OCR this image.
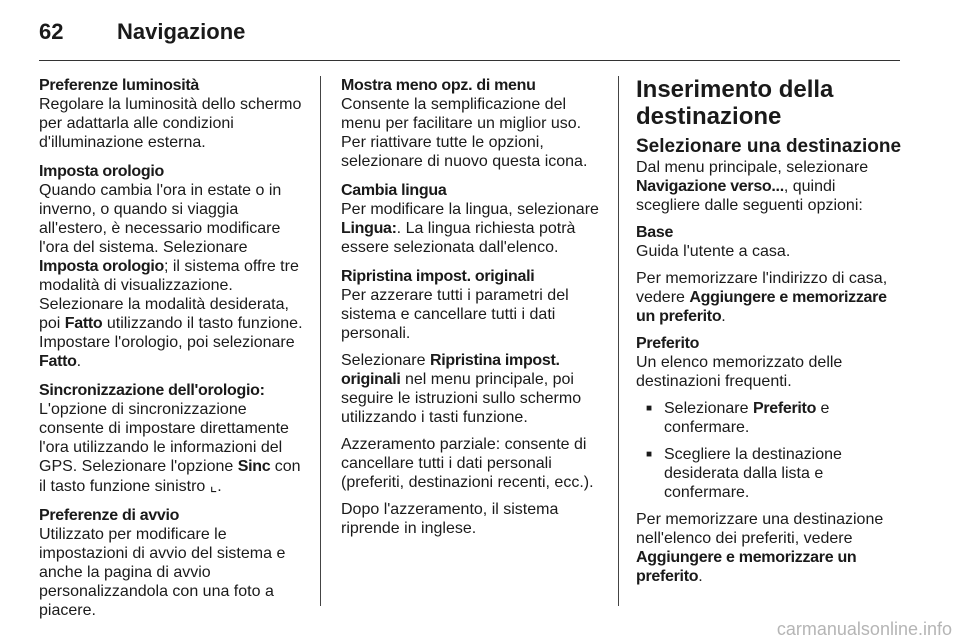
62	Navigazione
Preferenze luminosità

Regolare la luminosità dello schermo per adattarla alle condizioni d'illuminazione esterna.

Imposta orologio

Quando cambia l'ora in estate o in inverno, o quando si viaggia all'estero, è necessario modificare l'ora del sistema. Selezionare Imposta orologio; il sistema offre tre modalità di visualizzazione. Selezionare la modalità desiderata, poi Fatto utilizzando il tasto funzione. Impostare l'orologio, poi selezionare Fatto.

Sincronizzazione dell'orologio: L'opzione di sincronizzazione consente di impostare direttamente l'ora utilizzando le informazioni del GPS. Selezionare l'opzione Sinc con il tasto funzione sinistro ⌞.

Preferenze di avvio

Utilizzato per modificare le impostazioni di avvio del sistema e anche la pagina di avvio personalizzandola con una foto a piacere.

Mostra meno opz. di menu

Consente la semplificazione del menu per facilitare un miglior uso. Per riattivare tutte le opzioni, selezionare di nuovo questa icona.

Cambia lingua

Per modificare la lingua, selezionare Lingua:. La lingua richiesta potrà essere selezionata dall'elenco.

Ripristina impost. originali

Per azzerare tutti i parametri del sistema e cancellare tutti i dati personali.

Selezionare Ripristina impost. originali nel menu principale, poi seguire le istruzioni sullo schermo utilizzando i tasti funzione.

Azzeramento parziale: consente di cancellare tutti i dati personali (preferiti, destinazioni recenti, ecc.).

Dopo l'azzeramento, il sistema riprende in inglese.

Inserimento della destinazione
Selezionare una destinazione

Dal menu principale, selezionare Navigazione verso..., quindi scegliere dalle seguenti opzioni:

Base

Guida l'utente a casa.

Per memorizzare l'indirizzo di casa, vedere Aggiungere e memorizzare un preferito.

Preferito

Un elenco memorizzato delle destinazioni frequenti.

■ Selezionare Preferito e confermare.
■ Scegliere la destinazione desiderata dalla lista e confermare.

Per memorizzare una destinazione nell'elenco dei preferiti, vedere Aggiungere e memorizzare un preferito.

carmanualsonline.info
